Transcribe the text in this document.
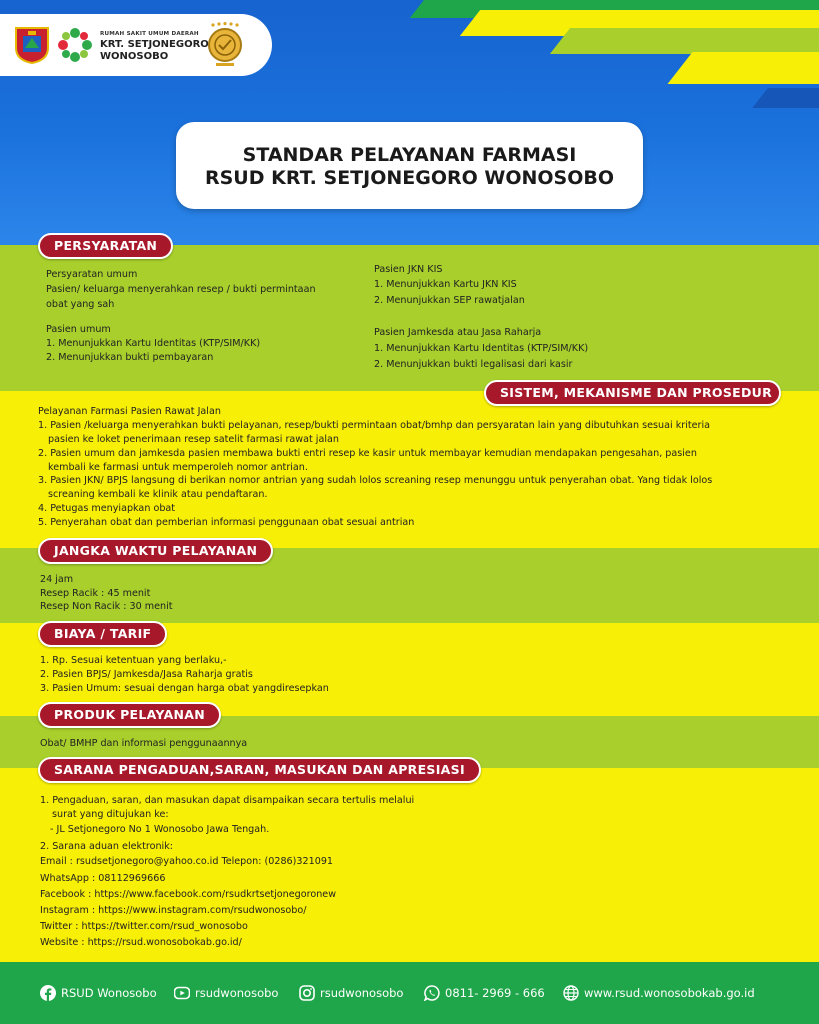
RUMAH SAKIT UMUM DAERAH
KRT. SETJONEGORO
WONOSOBO
STANDAR PELAYANAN FARMASI
RSUD KRT. SETJONEGORO WONOSOBO
PERSYARATAN
Persyaratan umum
Pasien/ keluarga menyerahkan resep / bukti permintaan
obat yang sah
Pasien umum
1. Menunjukkan Kartu Identitas (KTP/SIM/KK)
2. Menunjukkan bukti pembayaran
Pasien JKN KIS
1. Menunjukkan Kartu JKN KIS
2. Menunjukkan SEP rawatjalan
Pasien Jamkesda atau Jasa Raharja
1. Menunjukkan Kartu Identitas (KTP/SIM/KK)
2. Menunjukkan bukti legalisasi dari kasir
SISTEM, MEKANISME DAN PROSEDUR
Pelayanan Farmasi Pasien Rawat Jalan
1. Pasien /keluarga menyerahkan bukti pelayanan, resep/bukti permintaan obat/bmhp dan persyaratan lain yang dibutuhkan sesuai kriteria
pasien ke loket penerimaan resep satelit farmasi rawat jalan
2. Pasien umum dan jamkesda pasien membawa bukti entri resep ke kasir untuk membayar kemudian mendapakan pengesahan, pasien
kembali ke farmasi untuk memperoleh nomor antrian.
3. Pasien JKN/ BPJS langsung di berikan nomor antrian yang sudah lolos screaning resep menunggu untuk penyerahan obat. Yang tidak lolos
screaning kembali ke klinik atau pendaftaran.
4. Petugas menyiapkan obat
5. Penyerahan obat dan pemberian informasi penggunaan obat sesuai antrian
JANGKA WAKTU PELAYANAN
24 jam
Resep Racik : 45 menit
Resep Non Racik : 30 menit
BIAYA / TARIF
1. Rp. Sesuai ketentuan yang berlaku,-
2. Pasien BPJS/ Jamkesda/Jasa Raharja gratis
3. Pasien Umum: sesuai dengan harga obat yangdiresepkan
PRODUK PELAYANAN
Obat/ BMHP dan informasi penggunaannya
SARANA PENGADUAN,SARAN, MASUKAN DAN APRESIASI
1. Pengaduan, saran, dan masukan dapat disampaikan secara tertulis melalui
surat yang ditujukan ke:
- JL Setjonegoro No 1 Wonosobo Jawa Tengah.
2. Sarana aduan elektronik:
Email : rsudsetjonegoro@yahoo.co.id Telepon: (0286)321091
WhatsApp : 08112969666
Facebook : https://www.facebook.com/rsudkrtsetjonegoronew
Instagram : https://www.instagram.com/rsudwonosobo/
Twitter : https://twitter.com/rsud_wonosobo
Website : https://rsud.wonosobokab.go.id/
RSUD Wonosobo	rsudwonosobo	rsudwonosobo	0811- 2969 - 666	www.rsud.wonosobokab.go.id
